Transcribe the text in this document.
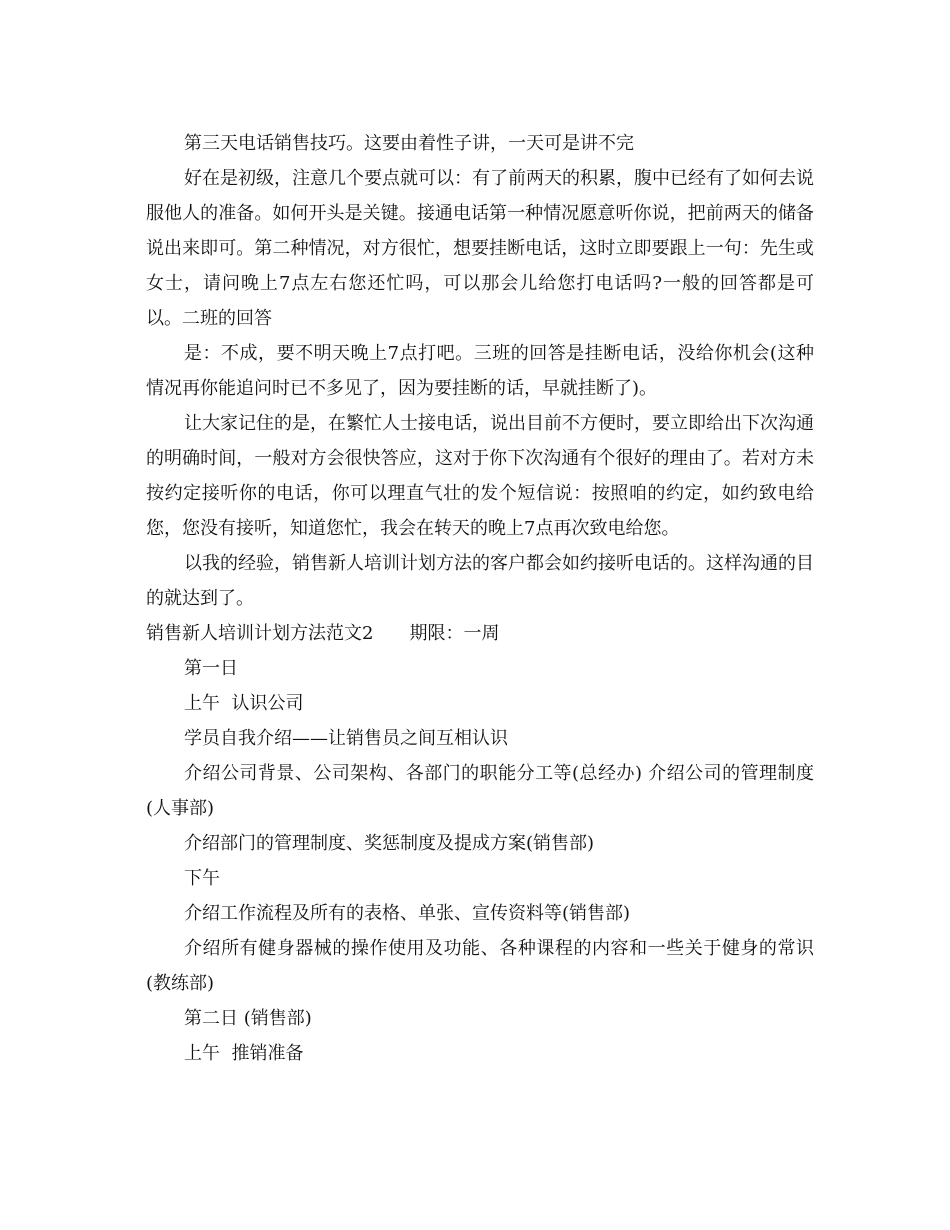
第三天电话销售技巧。这要由着性子讲，一天可是讲不完

好在是初级，注意几个要点就可以：有了前两天的积累，腹中已经有了如何去说服他人的准备。如何开头是关键。接通电话第一种情况愿意听你说，把前两天的储备说出来即可。第二种情况，对方很忙，想要挂断电话，这时立即要跟上一句：先生或女士，请问晚上7点左右您还忙吗，可以那会儿给您打电话吗?一般的回答都是可以。二班的回答

是：不成，要不明天晚上7点打吧。三班的回答是挂断电话，没给你机会(这种情况再你能追问时已不多见了，因为要挂断的话，早就挂断了)。

让大家记住的是，在繁忙人士接电话，说出目前不方便时，要立即给出下次沟通的明确时间，一般对方会很快答应，这对于你下次沟通有个很好的理由了。若对方未按约定接听你的电话，你可以理直气壮的发个短信说：按照咱的约定，如约致电给您，您没有接听，知道您忙，我会在转天的晚上7点再次致电给您。

以我的经验，销售新人培训计划方法的客户都会如约接听电话的。这样沟通的目的就达到了。

销售新人培训计划方法范文2 期限：一周

第一日

上午  认识公司

学员自我介绍——让销售员之间互相认识

介绍公司背景、公司架构、各部门的职能分工等(总经办) 介绍公司的管理制度(人事部)

介绍部门的管理制度、奖惩制度及提成方案(销售部)

下午

介绍工作流程及所有的表格、单张、宣传资料等(销售部)

介绍所有健身器械的操作使用及功能、各种课程的内容和一些关于健身的常识(教练部)

第二日 (销售部)

上午  推销准备
